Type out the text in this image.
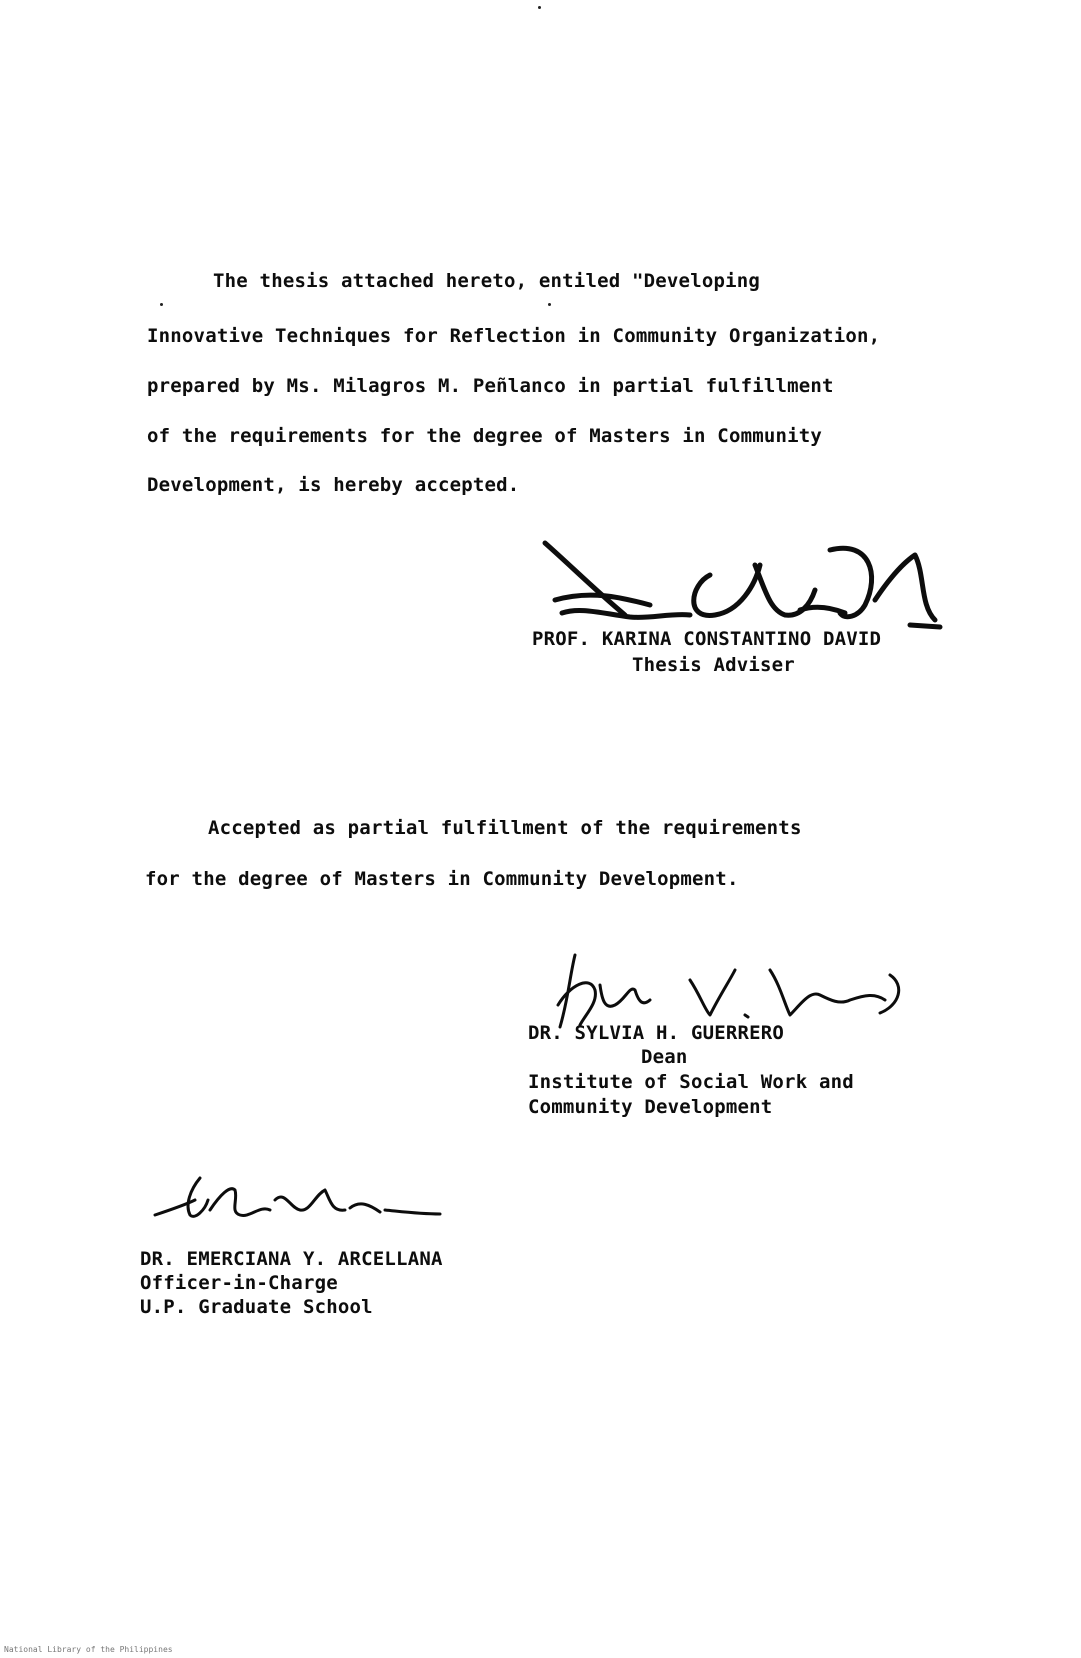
The thesis attached hereto, entiled "Developing

Innovative Techniques for Reflection in Community Organization,

prepared by Ms. Milagros M. Peñlanco in partial fulfillment

of the requirements for the degree of Masters in Community

Development, is hereby accepted.

PROF. KARINA CONSTANTINO DAVID

Thesis Adviser

Accepted as partial fulfillment of the requirements

for the degree of Masters in Community Development.

DR. SYLVIA H. GUERRERO

Dean

Institute of Social Work and

Community Development

DR. EMERCIANA Y. ARCELLANA

Officer-in-Charge

U.P. Graduate School

National Library of the Philippines
